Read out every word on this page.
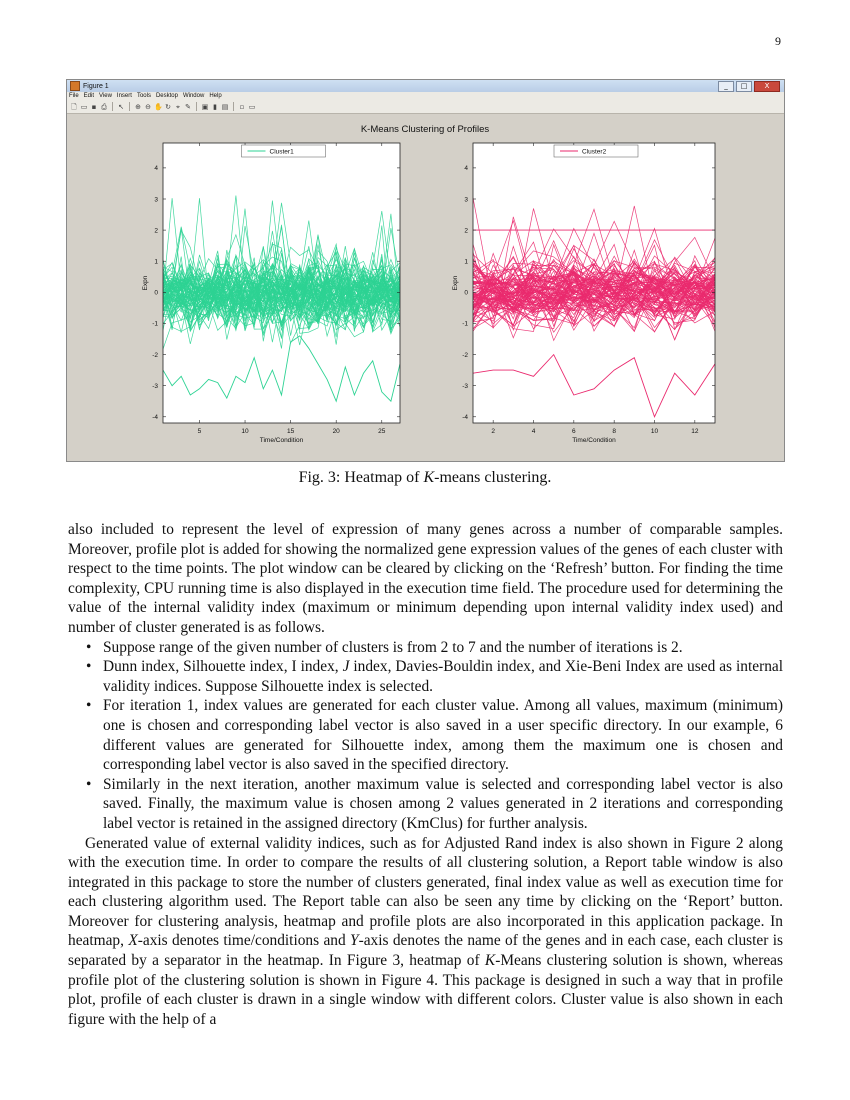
9
Figure 1	_	□	X
File Edit View Insert Tools Desktop Window Help
🗋 ▭ ▪ ⎙ ↖ ⊕ ⊖ ✋ ↻ ⌖ ✎ ▣ ▮ ▤ ▫ ▭
K-Means Clustering of Profiles
5	10	15	20	25
-4
-3
-2
-1
0
1
2
3
4
Time/Condition
Expn
Cluster1
2	4	6	8	10	12
-4
-3
-2
-1
0
1
2
3
4
Time/Condition
Expn
Cluster2
Fig. 3: Heatmap of K-means clustering.

also included to represent the level of expression of many genes across a number of comparable samples. Moreover, profile plot is added for showing the normalized gene expression values of the genes of each cluster with respect to the time points. The plot window can be cleared by clicking on the ‘Refresh’ button. For finding the time complexity, CPU running time is also displayed in the execution time field. The procedure used for determining the value of the internal validity index (maximum or minimum depending upon internal validity index used) and number of cluster generated is as follows.

• Suppose range of the given number of clusters is from 2 to 7 and the number of iterations is 2.
• Dunn index, Silhouette index, I index, J index, Davies-Bouldin index, and Xie-Beni Index are used as internal validity indices. Suppose Silhouette index is selected.
• For iteration 1, index values are generated for each cluster value. Among all values, maximum (minimum) one is chosen and corresponding label vector is also saved in a user specific directory. In our example, 6 different values are generated for Silhouette index, among them the maximum one is chosen and corresponding label vector is also saved in the specified directory.
• Similarly in the next iteration, another maximum value is selected and corresponding label vector is also saved. Finally, the maximum value is chosen among 2 values generated in 2 iterations and corresponding label vector is retained in the assigned directory (KmClus) for further analysis.

Generated value of external validity indices, such as for Adjusted Rand index is also shown in Figure 2 along with the execution time. In order to compare the results of all clustering solution, a Report table window is also integrated in this package to store the number of clusters generated, final index value as well as execution time for each clustering algorithm used. The Report table can also be seen any time by clicking on the ‘Report’ button. Moreover for clustering analysis, heatmap and profile plots are also incorporated in this application package. In heatmap, X-axis denotes time/conditions and Y-axis denotes the name of the genes and in each case, each cluster is separated by a separator in the heatmap. In Figure 3, heatmap of K-Means clustering solution is shown, whereas profile plot of the clustering solution is shown in Figure 4. This package is designed in such a way that in profile plot, profile of each cluster is drawn in a single window with different colors. Cluster value is also shown in each figure with the help of a
